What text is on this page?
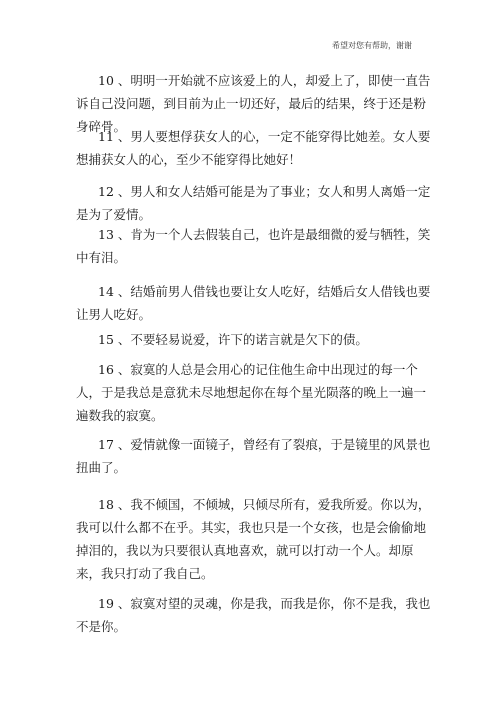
希望对您有帮助，谢谢

10 、明明一开始就不应该爱上的人，却爱上了，即使一直告诉自己没问题，到目前为止一切还好，最后的结果，终于还是粉身碎骨。

11 、男人要想俘获女人的心，一定不能穿得比她差。女人要想捕获女人的心，至少不能穿得比她好！

12 、男人和女人结婚可能是为了事业；女人和男人离婚一定是为了爱情。

13 、肯为一个人去假装自己，也许是最细微的爱与牺牲，笑中有泪。

14 、结婚前男人借钱也要让女人吃好，结婚后女人借钱也要让男人吃好。

15 、不要轻易说爱，许下的诺言就是欠下的债。

16 、寂寞的人总是会用心的记住他生命中出现过的每一个人，于是我总是意犹未尽地想起你在每个星光陨落的晚上一遍一遍数我的寂寞。

17 、爱情就像一面镜子，曾经有了裂痕，于是镜里的风景也扭曲了。

18 、我不倾国，不倾城，只倾尽所有，爱我所爱。你以为，我可以什么都不在乎。其实，我也只是一个女孩，也是会偷偷地掉泪的，我以为只要很认真地喜欢，就可以打动一个人。却原来，我只打动了我自己。

19 、寂寞对望的灵魂，你是我，而我是你，你不是我，我也不是你。
